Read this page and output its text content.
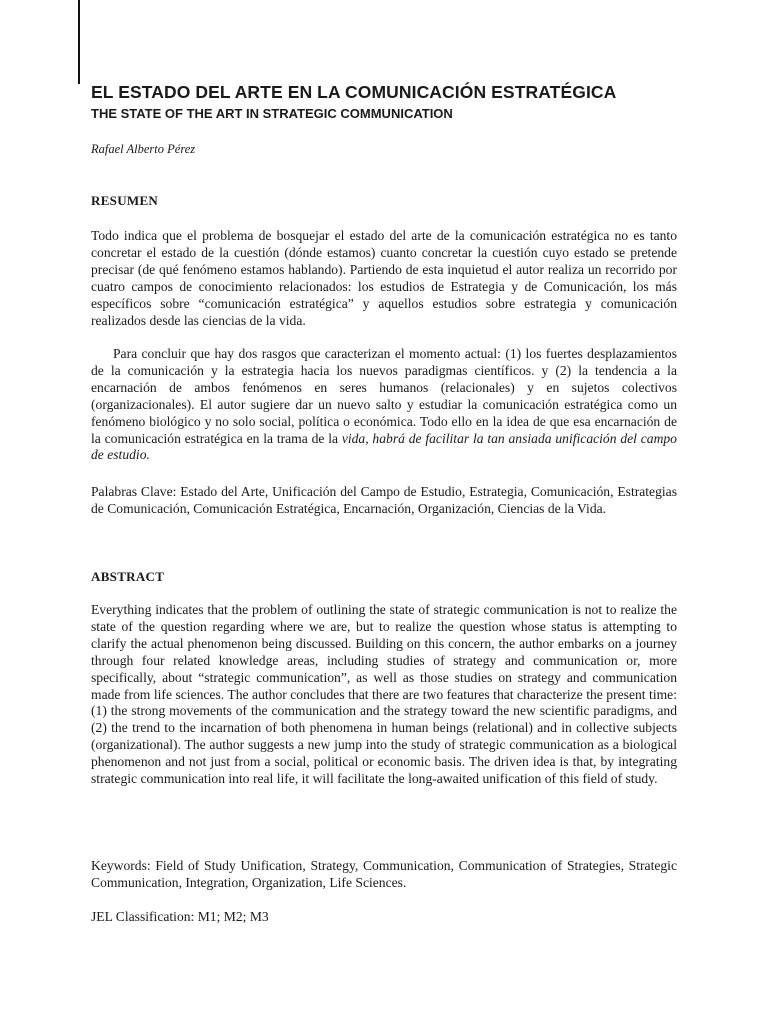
EL ESTADO DEL ARTE EN LA COMUNICACIÓN ESTRATÉGICA
THE STATE OF THE ART IN STRATEGIC COMMUNICATION

Rafael Alberto Pérez

RESUMEN

Todo indica que el problema de bosquejar el estado del arte de la comunicación estratégica no es tanto concretar el estado de la cuestión (dónde estamos) cuanto concretar la cuestión cuyo estado se pretende precisar (de qué fenómeno estamos hablando). Partiendo de esta inquietud el autor realiza un recorrido por cuatro campos de conocimiento relacionados: los estudios de Estrategia y de Comunicación, los más específicos sobre “comunicación estratégica” y aquellos estudios sobre estrategia y comunicación realizados desde las ciencias de la vida.

Para concluir que hay dos rasgos que caracterizan el momento actual: (1) los fuertes desplazamientos de la comunicación y la estrategia hacia los nuevos paradigmas científicos. y (2) la tendencia a la encarnación de ambos fenómenos en seres humanos (relacionales) y en sujetos colectivos (organizacionales). El autor sugiere dar un nuevo salto y estudiar la comunicación estratégica como un fenómeno biológico y no solo social, política o económica. Todo ello en la idea de que esa encarnación de la comunicación estratégica en la trama de la vida, habrá de facilitar la tan ansiada unificación del campo de estudio.

Palabras Clave: Estado del Arte, Unificación del Campo de Estudio, Estrategia, Comunicación, Estrategias de Comunicación, Comunicación Estratégica, Encarnación, Organización, Ciencias de la Vida.

ABSTRACT

Everything indicates that the problem of outlining the state of strategic communication is not to realize the state of the question regarding where we are, but to realize the question whose status is attempting to clarify the actual phenomenon being discussed. Building on this concern, the author embarks on a journey through four related knowledge areas, including studies of strategy and communication or, more specifically, about “strategic communication”, as well as those studies on strategy and communication made from life sciences. The author concludes that there are two features that characterize the present time: (1) the strong movements of the communication and the strategy toward the new scientific paradigms, and (2) the trend to the incarnation of both phenomena in human beings (relational) and in collective subjects (organizational). The author suggests a new jump into the study of strategic communication as a biological phenomenon and not just from a social, political or economic basis. The driven idea is that, by integrating strategic communication into real life, it will facilitate the long-awaited unification of this field of study.

Keywords: Field of Study Unification, Strategy, Communication, Communication of Strategies, Strategic Communication, Integration, Organization, Life Sciences.

JEL Classification: M1; M2; M3
